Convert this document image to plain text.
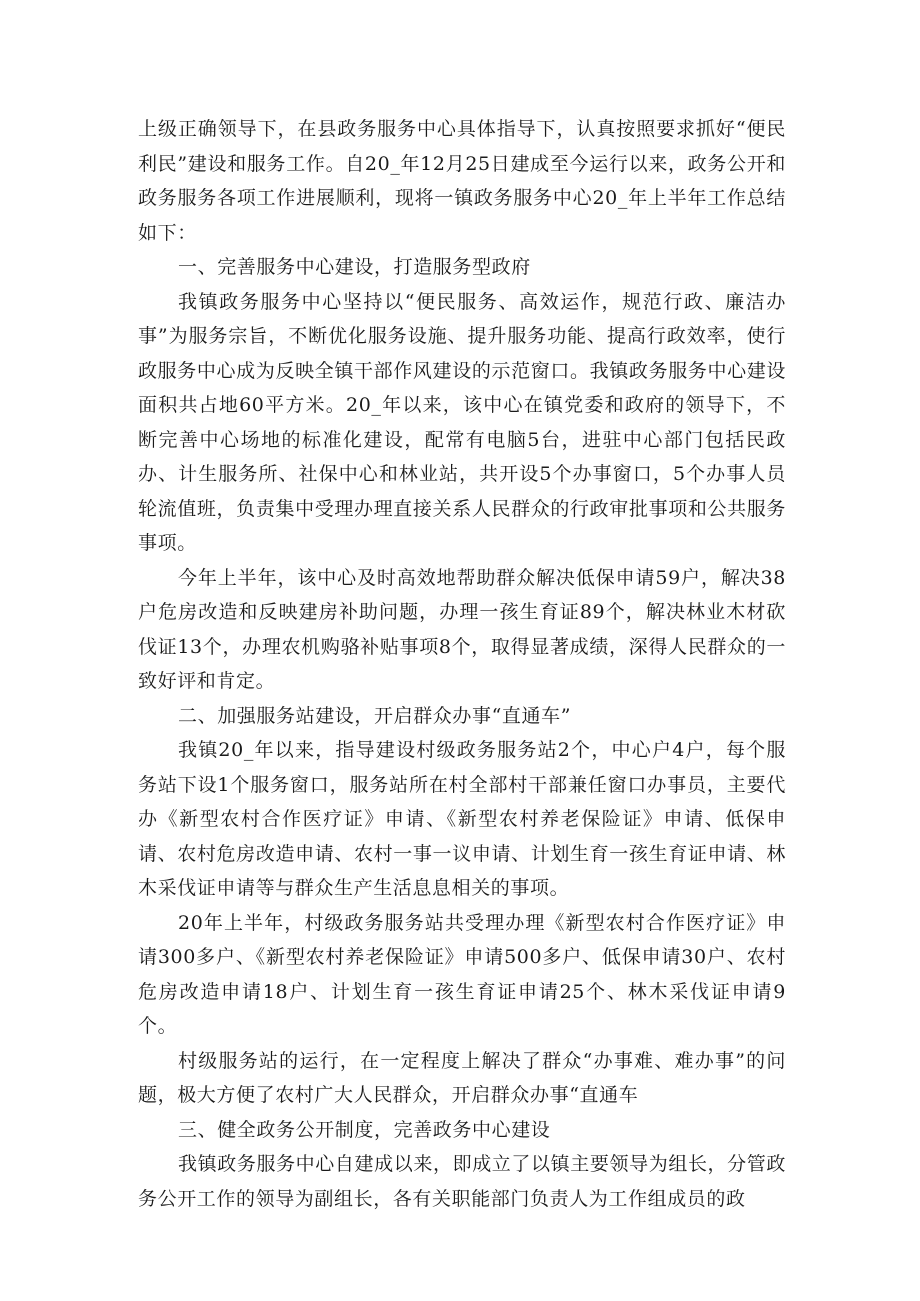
上级正确领导下，在县政务服务中心具体指导下，认真按照要求抓好“便民利民”建设和服务工作。自20_年12月25日建成至今运行以来，政务公开和政务服务各项工作进展顺利，现将一镇政务服务中心20_年上半年工作总结如下：

一、完善服务中心建设，打造服务型政府

我镇政务服务中心坚持以“便民服务、高效运作，规范行政、廉洁办事”为服务宗旨，不断优化服务设施、提升服务功能、提高行政效率，使行政服务中心成为反映全镇干部作风建设的示范窗口。我镇政务服务中心建设面积共占地60平方米。20_年以来，该中心在镇党委和政府的领导下，不断完善中心场地的标准化建设，配常有电脑5台，进驻中心部门包括民政办、计生服务所、社保中心和林业站，共开设5个办事窗口，5个办事人员轮流值班，负责集中受理办理直接关系人民群众的行政审批事项和公共服务事项。

今年上半年，该中心及时高效地帮助群众解决低保申请59户，解决38户危房改造和反映建房补助问题，办理一孩生育证89个，解决林业木材砍伐证13个，办理农机购骆补贴事项8个，取得显著成绩，深得人民群众的一致好评和肯定。

二、加强服务站建设，开启群众办事“直通车”

我镇20_年以来，指导建设村级政务服务站2个，中心户4户，每个服务站下设1个服务窗口，服务站所在村全部村干部兼任窗口办事员，主要代办《新型农村合作医疗证》申请、《新型农村养老保险证》申请、低保申请、农村危房改造申请、农村一事一议申请、计划生育一孩生育证申请、林木采伐证申请等与群众生产生活息息相关的事项。

20年上半年，村级政务服务站共受理办理《新型农村合作医疗证》申请300多户、《新型农村养老保险证》申请500多户、低保申请30户、农村危房改造申请18户、计划生育一孩生育证申请25个、林木采伐证申请9个。

村级服务站的运行，在一定程度上解决了群众“办事难、难办事”的问题，极大方便了农村广大人民群众，开启群众办事“直通车

三、健全政务公开制度，完善政务中心建设

我镇政务服务中心自建成以来，即成立了以镇主要领导为组长，分管政务公开工作的领导为副组长，各有关职能部门负责人为工作组成员的政
